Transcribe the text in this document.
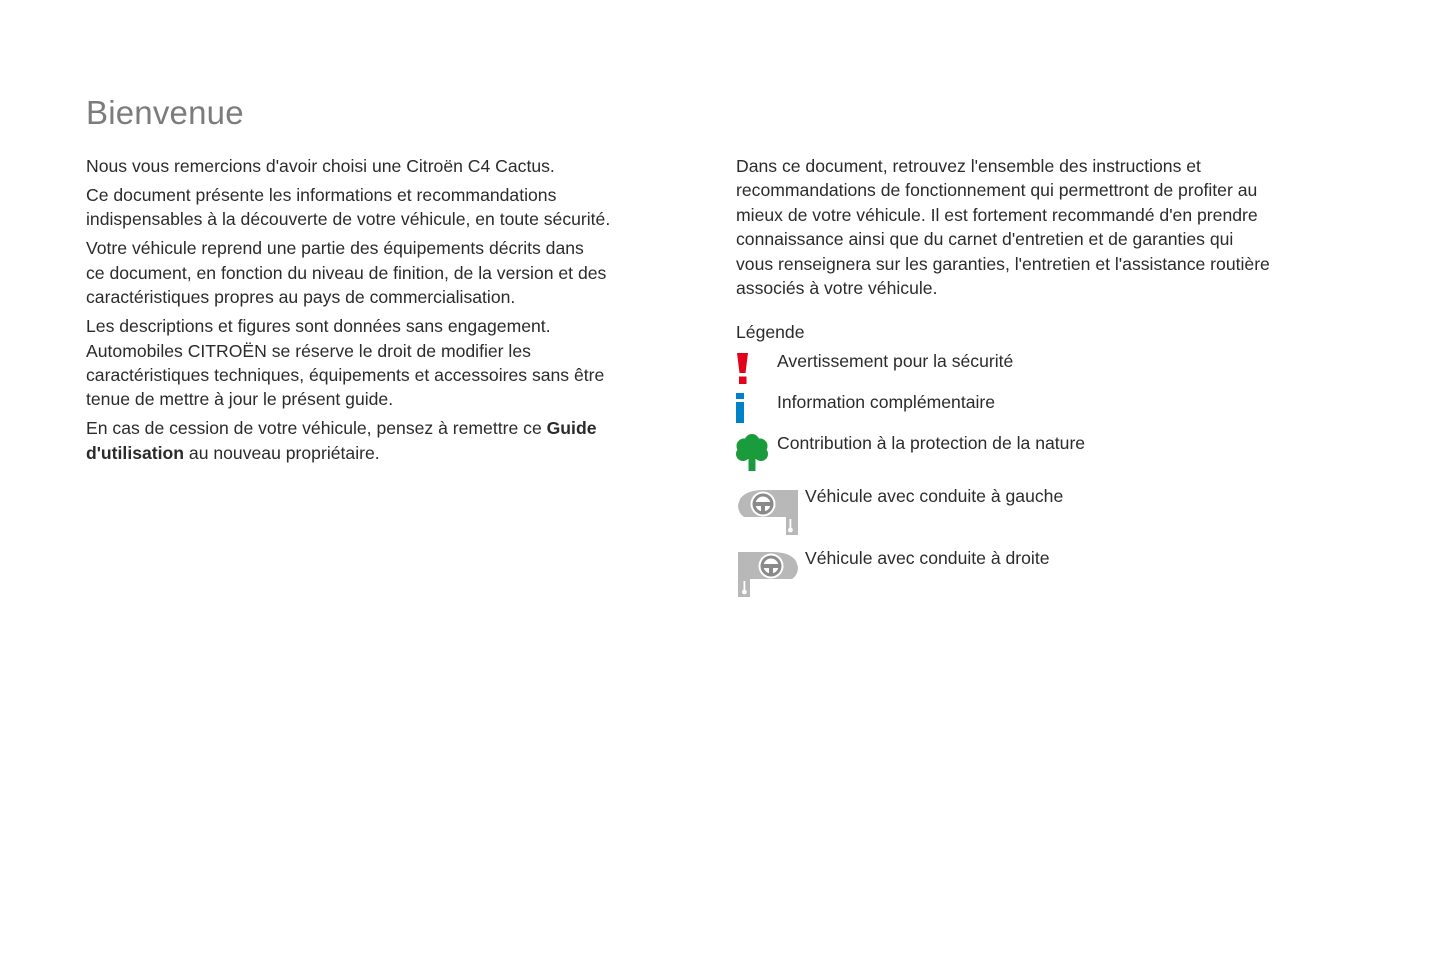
Bienvenue

Nous vous remercions d'avoir choisi une Citroën C4 Cactus.

Ce document présente les informations et recommandations
indispensables à la découverte de votre véhicule, en toute sécurité.

Votre véhicule reprend une partie des équipements décrits dans
ce document, en fonction du niveau de finition, de la version et des
caractéristiques propres au pays de commercialisation.

Les descriptions et figures sont données sans engagement.
Automobiles CITROËN se réserve le droit de modifier les
caractéristiques techniques, équipements et accessoires sans être
tenue de mettre à jour le présent guide.

En cas de cession de votre véhicule, pensez à remettre ce Guide
d'utilisation au nouveau propriétaire.

Dans ce document, retrouvez l'ensemble des instructions et
recommandations de fonctionnement qui permettront de profiter au
mieux de votre véhicule. Il est fortement recommandé d'en prendre
connaissance ainsi que du carnet d'entretien et de garanties qui
vous renseignera sur les garanties, l'entretien et l'assistance routière
associés à votre véhicule.

Légende
Avertissement pour la sécurité
Information complémentaire
Contribution à la protection de la nature
Véhicule avec conduite à gauche
Véhicule avec conduite à droite
